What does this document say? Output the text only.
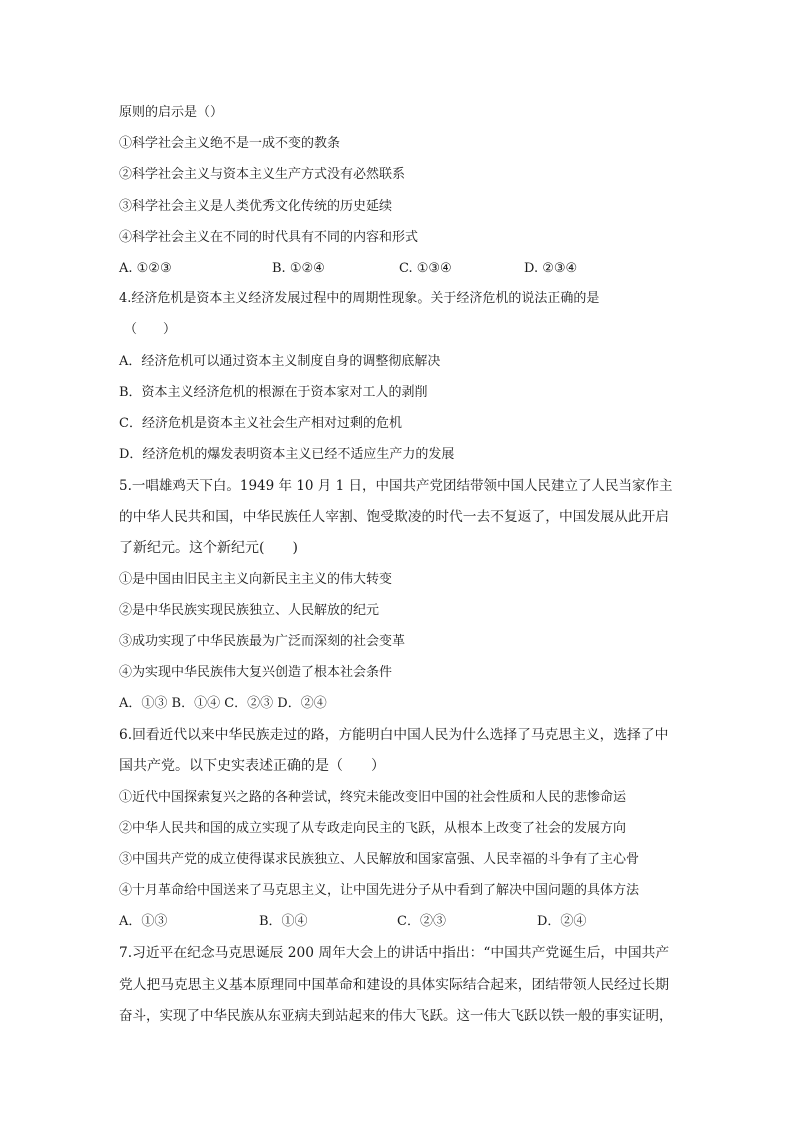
原则的启示是（）
①科学社会主义绝不是一成不变的教条
②科学社会主义与资本主义生产方式没有必然联系
③科学社会主义是人类优秀文化传统的历史延续
④科学社会主义在不同的时代具有不同的内容和形式
A. ①②③	B. ①②④	C. ①③④	D. ②③④
4.经济危机是资本主义经济发展过程中的周期性现象。关于经济危机的说法正确的是
（　　）
A．经济危机可以通过资本主义制度自身的调整彻底解决
B．资本主义经济危机的根源在于资本家对工人的剥削
C．经济危机是资本主义社会生产相对过剩的危机
D．经济危机的爆发表明资本主义已经不适应生产力的发展
5.一唱雄鸡天下白。1949 年 10 月 1 日，中国共产党团结带领中国人民建立了人民当家作主
的中华人民共和国，中华民族任人宰割、饱受欺凌的时代一去不复返了，中国发展从此开启
了新纪元。这个新纪元(　　)
①是中国由旧民主主义向新民主主义的伟大转变
②是中华民族实现民族独立、人民解放的纪元
③成功实现了中华民族最为广泛而深刻的社会变革
④为实现中华民族伟大复兴创造了根本社会条件
A．①③ B．①④ C．②③ D．②④
6.回看近代以来中华民族走过的路，方能明白中国人民为什么选择了马克思主义，选择了中
国共产党。以下史实表述正确的是（　　）
①近代中国探索复兴之路的各种尝试，终究未能改变旧中国的社会性质和人民的悲惨命运
②中华人民共和国的成立实现了从专政走向民主的飞跃，从根本上改变了社会的发展方向
③中国共产党的成立使得谋求民族独立、人民解放和国家富强、人民幸福的斗争有了主心骨
④十月革命给中国送来了马克思主义，让中国先进分子从中看到了解决中国问题的具体方法
A．①③	B．①④	C．②③	D．②④
7.习近平在纪念马克思诞辰 200 周年大会上的讲话中指出：“中国共产党诞生后，中国共产
党人把马克思主义基本原理同中国革命和建设的具体实际结合起来，团结带领人民经过长期
奋斗，实现了中华民族从东亚病夫到站起来的伟大飞跃。这一伟大飞跃以铁一般的事实证明，
